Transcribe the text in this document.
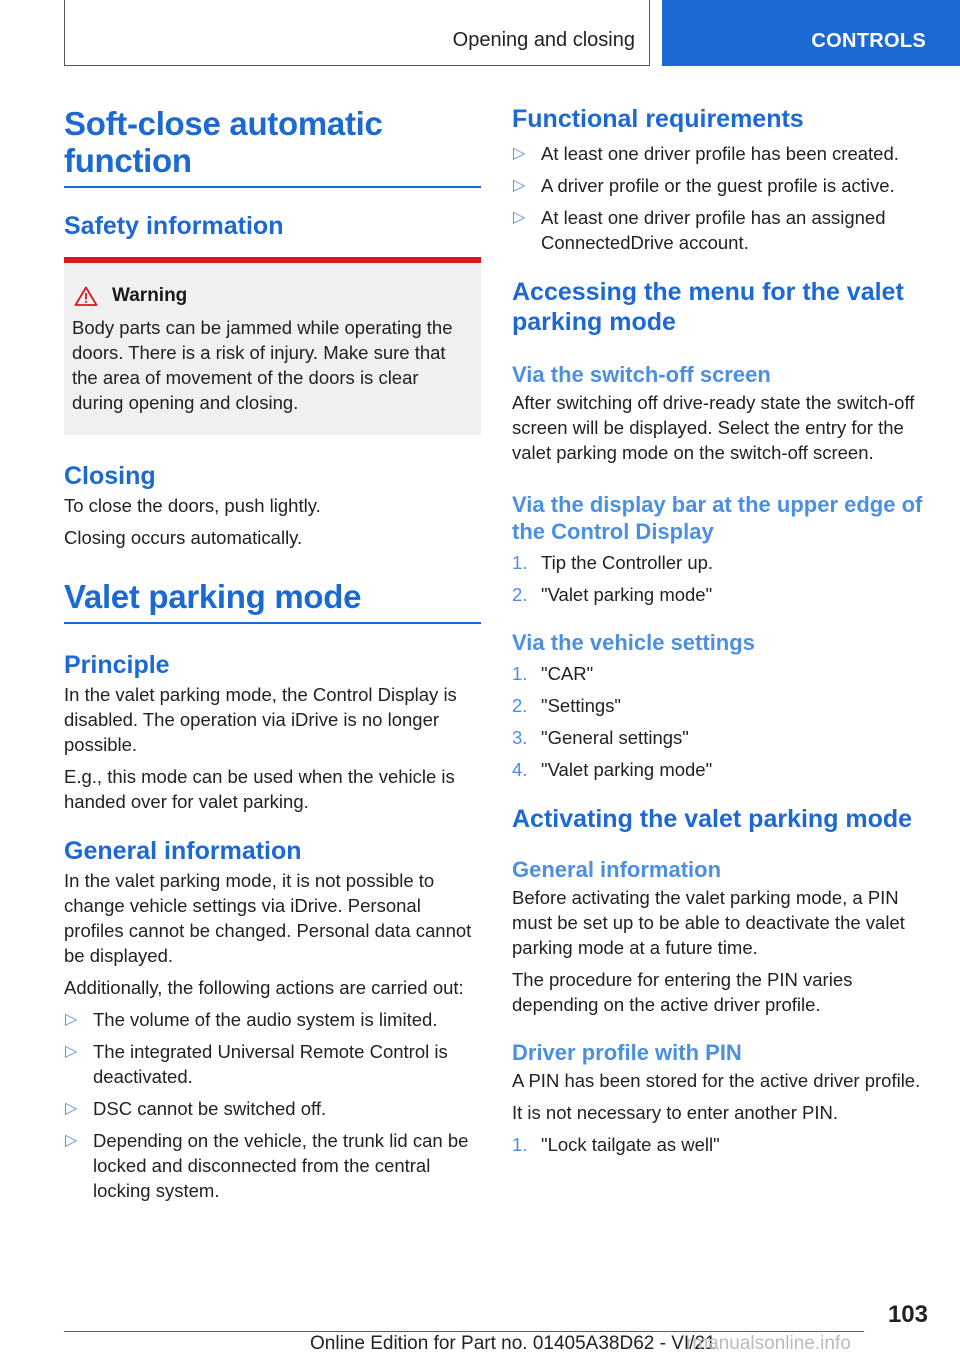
Opening and closing	CONTROLS
Soft-close automatic function
Safety information
Warning

Body parts can be jammed while operating the doors. There is a risk of injury. Make sure that the area of movement of the doors is clear during opening and closing.

Closing

To close the doors, push lightly.

Closing occurs automatically.

Valet parking mode
Principle

In the valet parking mode, the Control Display is disabled. The operation via iDrive is no longer possible.

E.g., this mode can be used when the vehicle is handed over for valet parking.

General information

In the valet parking mode, it is not possible to change vehicle settings via iDrive. Personal profiles cannot be changed. Personal data cannot be displayed.

Additionally, the following actions are carried out:

▷ The volume of the audio system is limited.
▷ The integrated Universal Remote Control is deactivated.
▷ DSC cannot be switched off.
▷ Depending on the vehicle, the trunk lid can be locked and disconnected from the central locking system.
Functional requirements
▷ At least one driver profile has been created.
▷ A driver profile or the guest profile is active.
▷ At least one driver profile has an assigned ConnectedDrive account.
Accessing the menu for the valet parking mode
Via the switch-off screen

After switching off drive-ready state the switch-off screen will be displayed. Select the entry for the valet parking mode on the switch-off screen.

Via the display bar at the upper edge of the Control Display
1. Tip the Controller up.
2. "Valet parking mode"
Via the vehicle settings
1. "CAR"
2. "Settings"
3. "General settings"
4. "Valet parking mode"
Activating the valet parking mode
General information

Before activating the valet parking mode, a PIN must be set up to be able to deactivate the valet parking mode at a future time.

The procedure for entering the PIN varies depending on the active driver profile.

Driver profile with PIN

A PIN has been stored for the active driver profile.

It is not necessary to enter another PIN.

1. "Lock tailgate as well"
103
Online Edition for Part no. 01405A38D62 - VI/21
rmanualsonline.info
